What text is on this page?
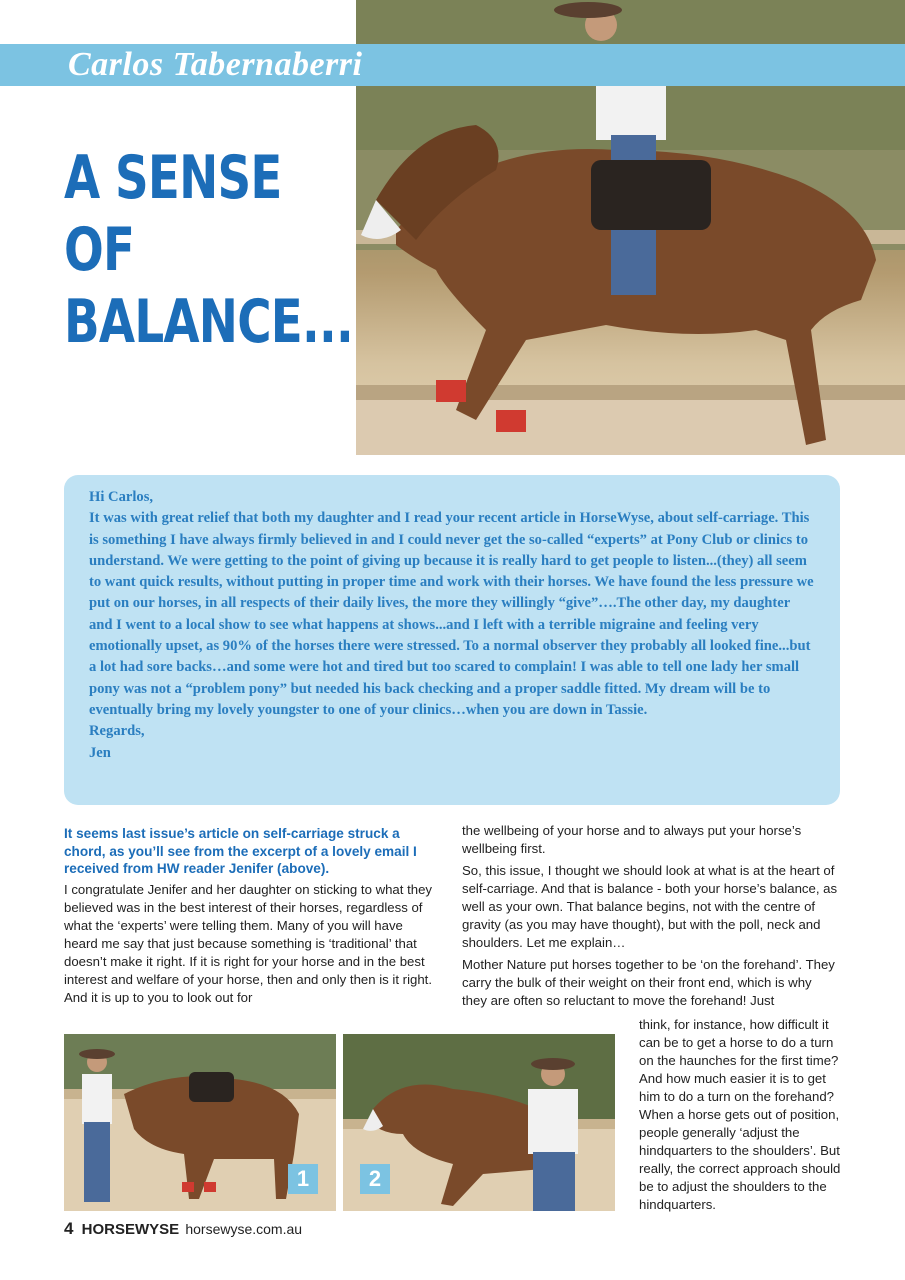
Carlos Tabernaberri
A SENSE OF
BALANCE...

Hi Carlos,

It was with great relief that both my daughter and I read your recent article in HorseWyse, about self-carriage. This is something I have always firmly believed in and I could never get the so-called “experts” at Pony Club or clinics to understand. We were getting to the point of giving up because it is really hard to get people to listen...(they) all seem to want quick results, without putting in proper time and work with their horses. We have found the less pressure we put on our horses, in all respects of their daily lives, the more they willingly “give”….The other day, my daughter and I went to a local show to see what happens at shows...and I left with a terrible migraine and feeling very emotionally upset, as 90% of the horses there were stressed. To a normal observer they probably all looked fine...but a lot had sore backs…and some were hot and tired but too scared to complain! I was able to tell one lady her small pony was not a “problem pony” but needed his back checking and a proper saddle fitted. My dream will be to eventually bring my lovely youngster to one of your clinics…when you are down in Tassie.

Regards,

Jen

It seems last issue’s article on self-carriage struck a chord, as you’ll see from the excerpt of a lovely email I received from HW reader Jenifer (above).

I congratulate Jenifer and her daughter on sticking to what they believed was in the best interest of their horses, regardless of what the ‘experts’ were telling them. Many of you will have heard me say that just because something is ‘traditional’ that doesn’t make it right. If it is right for your horse and in the best interest and welfare of your horse, then and only then is it right. And it is up to you to look out for

the wellbeing of your horse and to always put your horse’s wellbeing first.

So, this issue, I thought we should look at what is at the heart of self-carriage. And that is balance - both your horse’s balance, as well as your own. That balance begins, not with the centre of gravity (as you may have thought), but with the poll, neck and shoulders. Let me explain…

Mother Nature put horses together to be ‘on the forehand’. They carry the bulk of their weight on their front end, which is why they are often so reluctant to move the forehand! Just

think, for instance, how difficult it can be to get a horse to do a turn on the haunches for the first time? And how much easier it is to get him to do a turn on the forehand? When a horse gets out of position, people generally ‘adjust the hindquarters to the shoulders’. But really, the correct approach should be to adjust the shoulders to the hindquarters.
1	2
4 HORSEWYSE horsewyse.com.au
